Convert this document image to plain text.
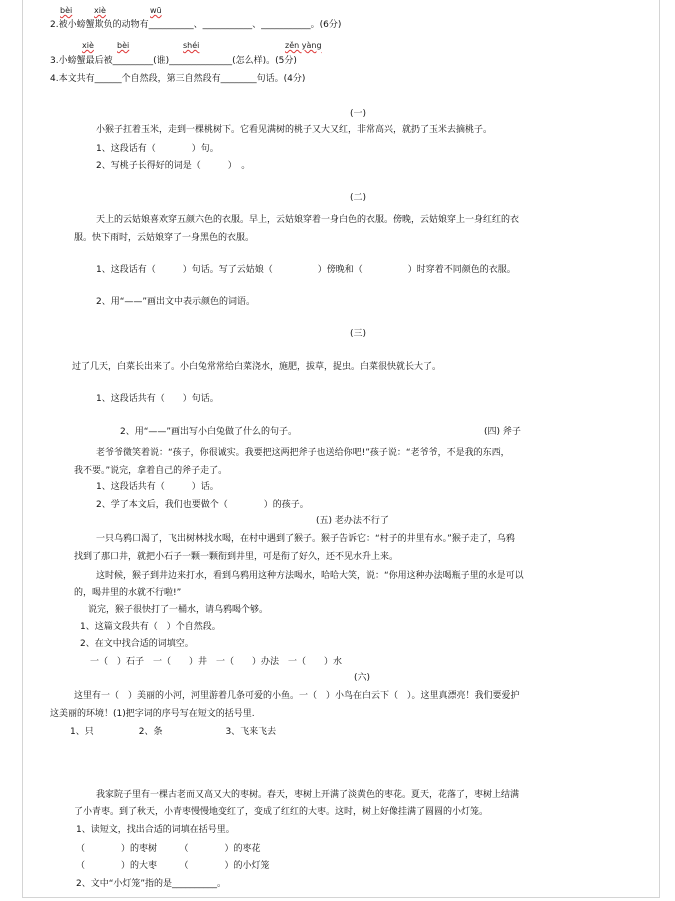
bèi	xiè	wū
2.被小螃蟹欺负的动物有__________、___________、___________。(6分)
xiè	bèi	shéi	zěn yàng
3.小螃蟹最后被_________(谁)______________(怎么样)。(5分)
4.本文共有______个自然段，第三自然段有________句话。(4分)
(一)
小猴子扛着玉米，走到一棵桃树下。它看见满树的桃子又大又红，非常高兴，就扔了玉米去摘桃子。
1、这段话有（　　　　）句。
2、写桃子长得好的词是（　　　）　。
(二)
天上的云姑娘喜欢穿五颜六色的衣服。早上，云姑娘穿着一身白色的衣服。傍晚，云姑娘穿上一身红红的衣
服。快下雨时，云姑娘穿了一身黑色的衣服。
1、这段话有（　　　）句话。写了云姑娘（　　　　　）傍晚和（　　　　　）时穿着不同颜色的衣服。
2、用“——”画出文中表示颜色的词语。
(三)
过了几天，白菜长出来了。小白兔常常给白菜浇水，施肥，拔草，捉虫。白菜很快就长大了。
1、这段话共有（　　）句话。
2、用“——”画出写小白兔做了什么的句子。	(四) 斧子
老爷爷微笑着说：“孩子，你很诚实。我要把这两把斧子也送给你吧!”孩子说：“老爷爷，不是我的东西，
我不要。”说完，拿着自己的斧子走了。
1、这段话共有（　　　）话。
2、学了本文后，我们也要做个（　　　　）的孩子。
(五) 老办法不行了
一只乌鸦口渴了，飞出树林找水喝，在村中遇到了猴子。猴子告诉它：“村子的井里有水。”猴子走了，乌鸦
找到了那口井，就把小石子一颗一颗衔到井里，可是衔了好久，还不见水升上来。
这时候，猴子到井边来打水，看到乌鸦用这种方法喝水，哈哈大笑，说：“你用这种办法喝瓶子里的水是可以
的，喝井里的水就不行啦!”
说完，猴子很快打了一桶水，请乌鸦喝个够。
1、这篇文段共有（　）个自然段。
2、在文中找合适的词填空。
一（　）石子　一（　　）井　一（　　）办法　一（　　）水
(六)
这里有一（　）美丽的小河，河里游着几条可爱的小鱼。一（　）小鸟在白云下（　）。这里真漂亮！我们要爱护
这美丽的环境！(1)把字词的序号写在短文的括号里.
1、只　　　　　2、条　　　　　　　3、飞来飞去
我家院子里有一棵古老而又高又大的枣树。春天，枣树上开满了淡黄色的枣花。夏天，花落了，枣树上结满
了小青枣。到了秋天，小青枣慢慢地变红了，变成了红红的大枣。这时，树上好像挂满了圆圆的小灯笼。
1、读短文，找出合适的词填在括号里。
（　　　　）的枣树　　　（　　　　）的枣花
（　　　　）的大枣　　　（　　　　）的小灯笼
2、文中“小灯笼”指的是__________。
